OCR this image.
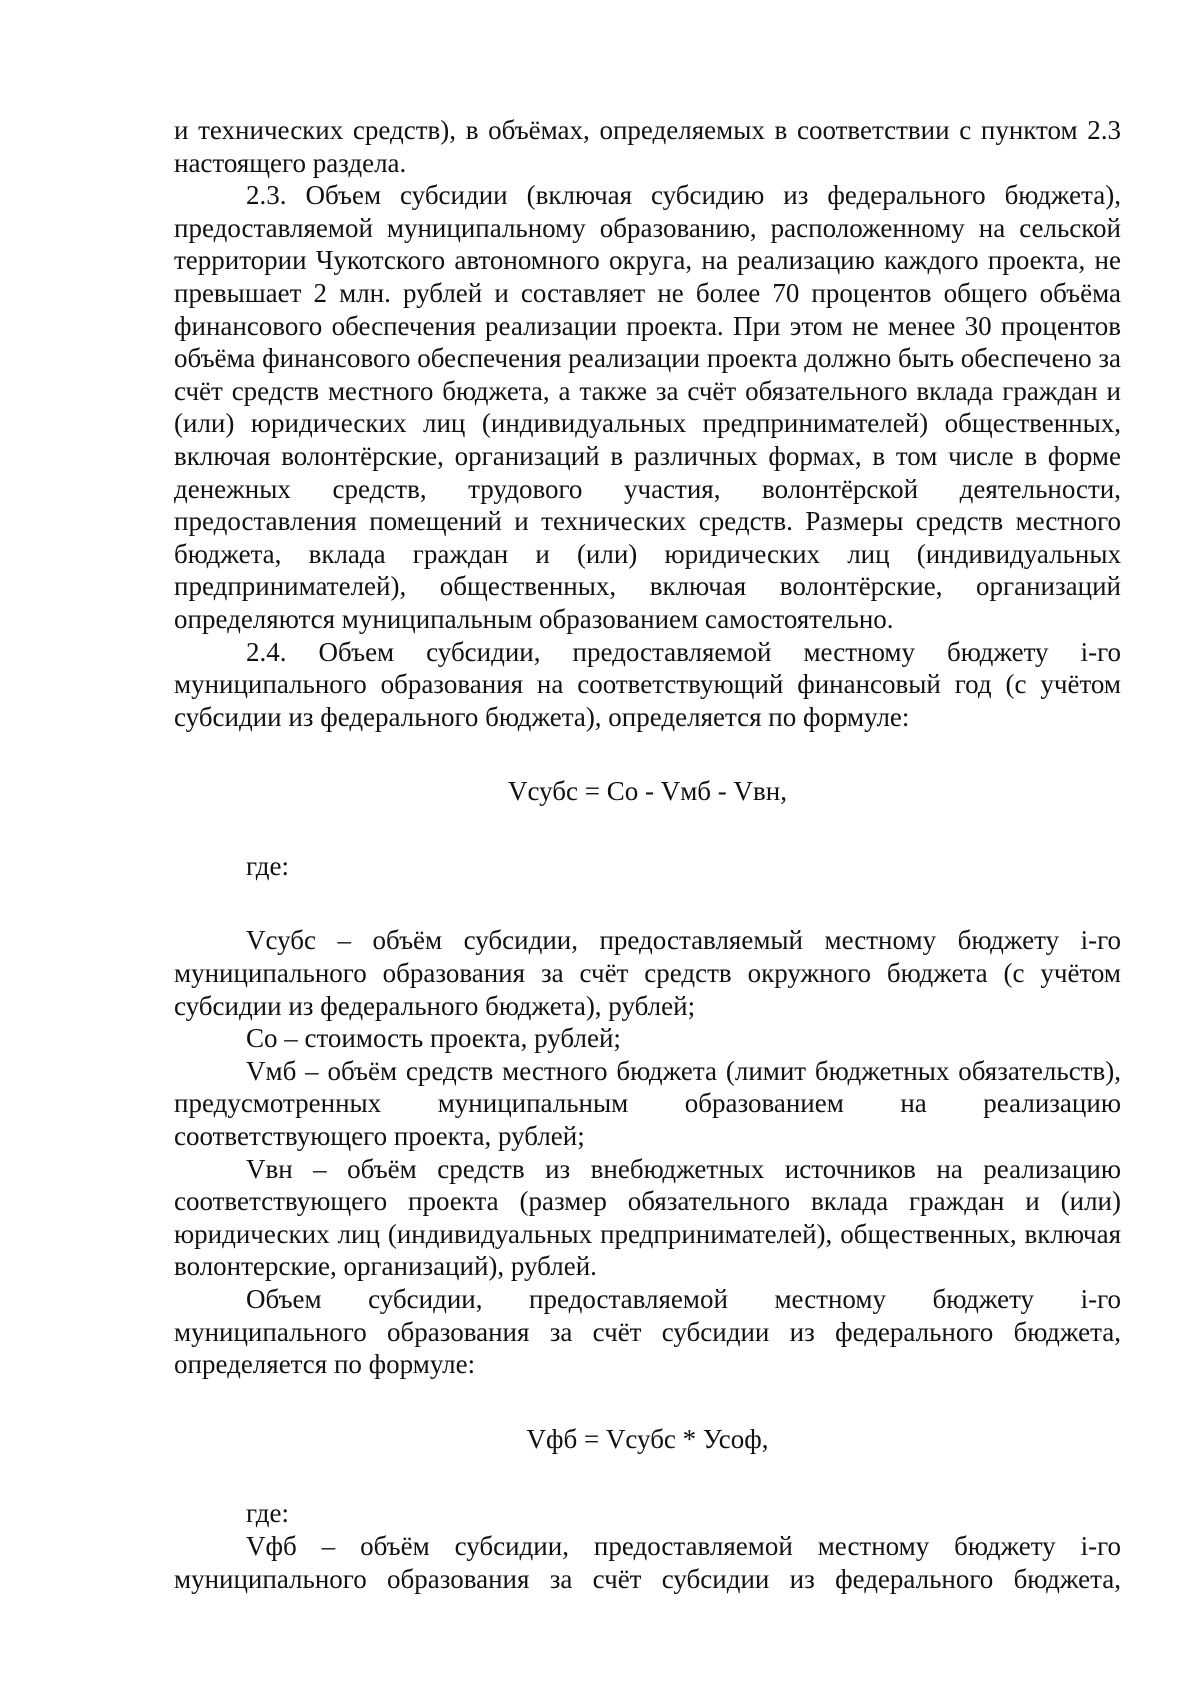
и технических средств), в объёмах, определяемых в соответствии с пунктом 2.3 настоящего раздела.

2.3. Объем субсидии (включая субсидию из федерального бюджета), предоставляемой муниципальному образованию, расположенному на сельской территории Чукотского автономного округа, на реализацию каждого проекта, не превышает 2 млн. рублей и составляет не более 70 процентов общего объёма финансового обеспечения реализации проекта. При этом не менее 30 процентов объёма финансового обеспечения реализации проекта должно быть обеспечено за счёт средств местного бюджета, а также за счёт обязательного вклада граждан и (или) юридических лиц (индивидуальных предпринимателей) общественных, включая волонтёрские, организаций в различных формах, в том числе в форме денежных средств, трудового участия, волонтёрской деятельности, предоставления помещений и технических средств. Размеры средств местного бюджета, вклада граждан и (или) юридических лиц (индивидуальных предпринимателей), общественных, включая волонтёрские, организаций определяются муниципальным образованием самостоятельно.

2.4. Объем субсидии, предоставляемой местному бюджету i-го муниципального образования на соответствующий финансовый год (с учётом субсидии из федерального бюджета), определяется по формуле:

Vсубс = Со - Vмб - Vвн,

где:

Vсубс – объём субсидии, предоставляемый местному бюджету i-го муниципального образования за счёт средств окружного бюджета (с учётом субсидии из федерального бюджета), рублей;

Со – стоимость проекта, рублей;

Vмб – объём средств местного бюджета (лимит бюджетных обязательств), предусмотренных муниципальным образованием на реализацию соответствующего проекта, рублей;

Vвн – объём средств из внебюджетных источников на реализацию соответствующего проекта (размер обязательного вклада граждан и (или) юридических лиц (индивидуальных предпринимателей), общественных, включая волонтерские, организаций), рублей.

Объем субсидии, предоставляемой местному бюджету i-го муниципального образования за счёт субсидии из федерального бюджета, определяется по формуле:

Vфб = Vсубс * Усоф,

где:

Vфб – объём субсидии, предоставляемой местному бюджету i-го муниципального образования за счёт субсидии из федерального бюджета,
